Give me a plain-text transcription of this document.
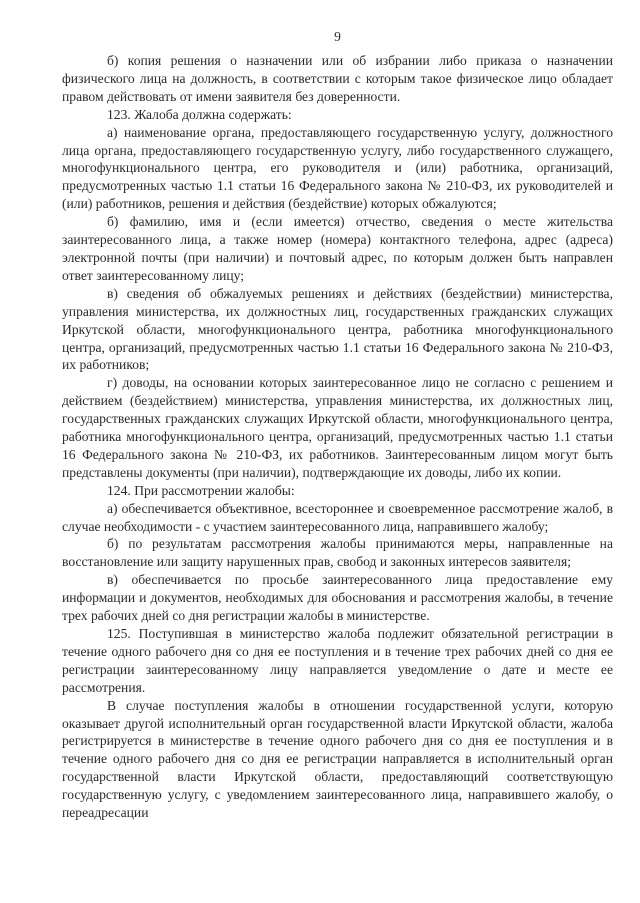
9

б) копия решения о назначении или об избрании либо приказа о назначении физического лица на должность, в соответствии с которым такое физическое лицо обладает правом действовать от имени заявителя без доверенности.

123. Жалоба должна содержать:

а) наименование органа, предоставляющего государственную услугу, должностного лица органа, предоставляющего государственную услугу, либо государственного служащего, многофункционального центра, его руководителя и (или) работника, организаций, предусмотренных частью 1.1 статьи 16 Федерального закона № 210-ФЗ, их руководителей и (или) работников, решения и действия (бездействие) которых обжалуются;

б) фамилию, имя и (если имеется) отчество, сведения о месте жительства заинтересованного лица, а также номер (номера) контактного телефона, адрес (адреса) электронной почты (при наличии) и почтовый адрес, по которым должен быть направлен ответ заинтересованному лицу;

в) сведения об обжалуемых решениях и действиях (бездействии) министерства, управления министерства, их должностных лиц, государственных гражданских служащих Иркутской области, многофункционального центра, работника многофункционального центра, организаций, предусмотренных частью 1.1 статьи 16 Федерального закона № 210-ФЗ, их работников;

г) доводы, на основании которых заинтересованное лицо не согласно с решением и действием (бездействием) министерства, управления министерства, их должностных лиц, государственных гражданских служащих Иркутской области, многофункционального центра, работника многофункционального центра, организаций, предусмотренных частью 1.1 статьи 16 Федерального закона № 210-ФЗ, их работников. Заинтересованным лицом могут быть представлены документы (при наличии), подтверждающие их доводы, либо их копии.

124. При рассмотрении жалобы:

а) обеспечивается объективное, всестороннее и своевременное рассмотрение жалоб, в случае необходимости - с участием заинтересованного лица, направившего жалобу;

б) по результатам рассмотрения жалобы принимаются меры, направленные на восстановление или защиту нарушенных прав, свобод и законных интересов заявителя;

в) обеспечивается по просьбе заинтересованного лица предоставление ему информации и документов, необходимых для обоснования и рассмотрения жалобы, в течение трех рабочих дней со дня регистрации жалобы в министерстве.

125. Поступившая в министерство жалоба подлежит обязательной регистрации в течение одного рабочего дня со дня ее поступления и в течение трех рабочих дней со дня ее регистрации заинтересованному лицу направляется уведомление о дате и месте ее рассмотрения.

В случае поступления жалобы в отношении государственной услуги, которую оказывает другой исполнительный орган государственной власти Иркутской области, жалоба регистрируется в министерстве в течение одного рабочего дня со дня ее поступления и в течение одного рабочего дня со дня ее регистрации направляется в исполнительный орган государственной власти Иркутской области, предоставляющий соответствующую государственную услугу, с уведомлением заинтересованного лица, направившего жалобу, о переадресации
